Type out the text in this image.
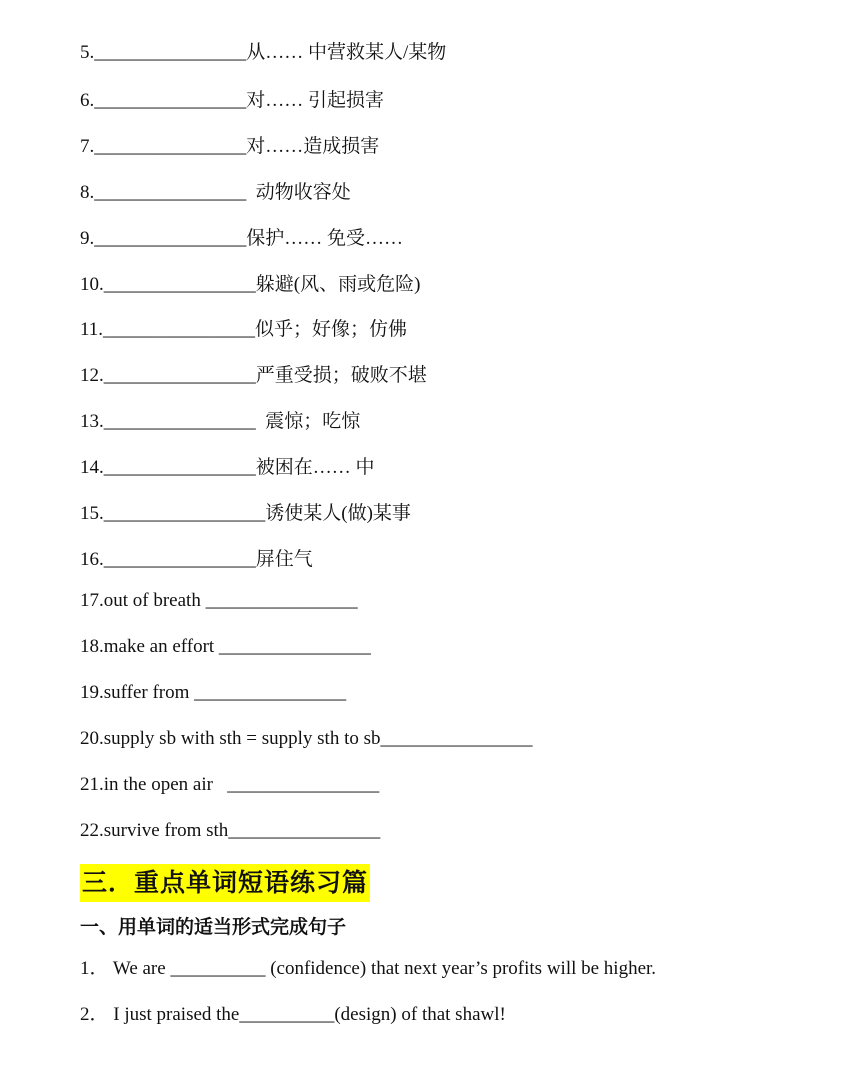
5.________________从…… 中营救某人/某物

6.________________对…… 引起损害

7.________________对……造成损害

8.________________  动物收容处

9.________________保护…… 免受……

10.________________躲避(风、雨或危险)

11.________________似乎；好像；仿佛

12.________________严重受损；破败不堪

13.________________  震惊；吃惊

14.________________被困在…… 中

15._________________诱使某人(做)某事

16.________________屏住气

17.out of breath ________________

18.make an effort ________________

19.suffer from ________________

20.supply sb with sth = supply sth to sb________________

21.in the open air   ________________

22.survive from sth________________

三．重点单词短语练习篇
一、用单词的适当形式完成句子

1． We are __________ (confidence) that next year’s profits will be higher.

2． I just praised the__________(design) of that shawl!
